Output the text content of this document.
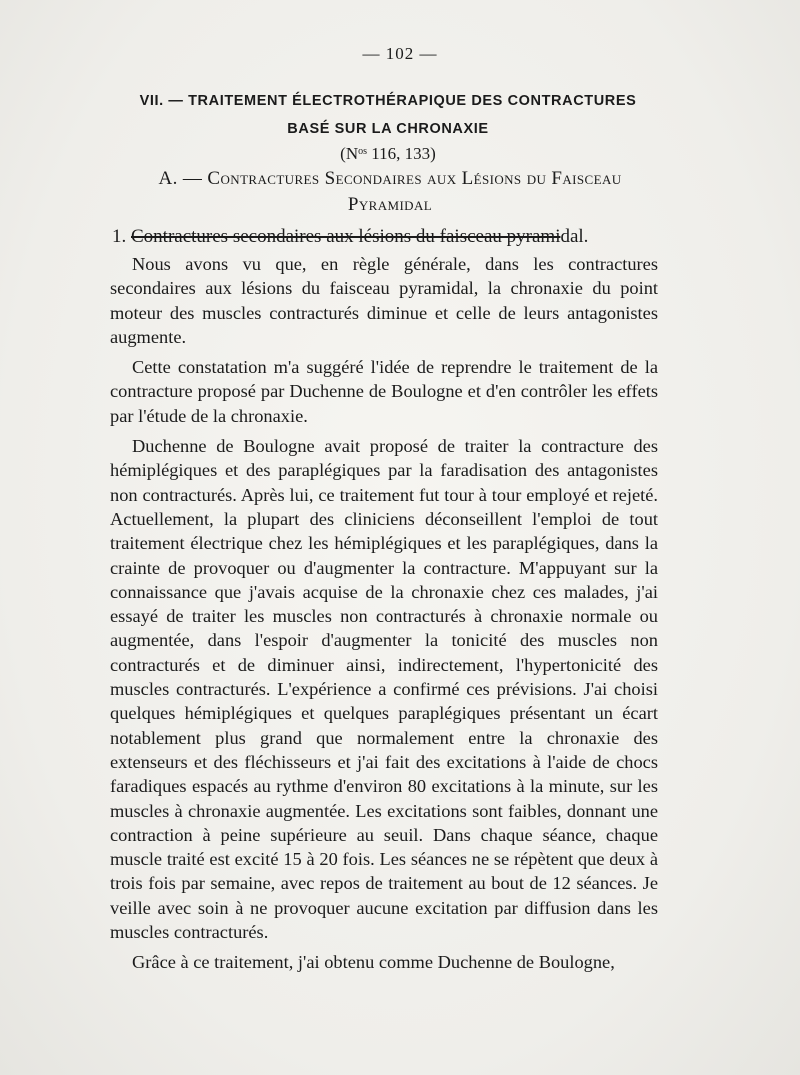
— 102 —
VII. — TRAITEMENT ÉLECTROTHÉRAPIQUE DES CONTRACTURES
BASÉ SUR LA CHRONAXIE
($N^{os}$ 116, 133)
A. — Contractures Secondaires aux Lésions du Faisceau
Pyramidal
1. Contractures secondaires aux lésions du faisceau pyramidal.

Nous avons vu que, en règle générale, dans les contractures secondaires aux lésions du faisceau pyramidal, la chronaxie du point moteur des muscles contracturés diminue et celle de leurs antagonistes augmente.

Cette constatation m'a suggéré l'idée de reprendre le traitement de la contracture proposé par Duchenne de Boulogne et d'en contrôler les effets par l'étude de la chronaxie.

Duchenne de Boulogne avait proposé de traiter la contracture des hémiplégiques et des paraplégiques par la faradisation des antagonistes non contracturés. Après lui, ce traitement fut tour à tour employé et rejeté. Actuellement, la plupart des cliniciens déconseillent l'emploi de tout traitement électrique chez les hémiplégiques et les paraplégiques, dans la crainte de provoquer ou d'augmenter la contracture. M'appuyant sur la connaissance que j'avais acquise de la chronaxie chez ces malades, j'ai essayé de traiter les muscles non contracturés à chronaxie normale ou augmentée, dans l'espoir d'augmenter la tonicité des muscles non contracturés et de diminuer ainsi, indirectement, l'hypertonicité des muscles contracturés. L'expérience a confirmé ces prévisions. J'ai choisi quelques hémiplégiques et quelques paraplégiques présentant un écart notablement plus grand que normalement entre la chronaxie des extenseurs et des fléchisseurs et j'ai fait des excitations à l'aide de chocs faradiques espacés au rythme d'environ 80 excitations à la minute, sur les muscles à chronaxie augmentée. Les excitations sont faibles, donnant une contraction à peine supérieure au seuil. Dans chaque séance, chaque muscle traité est excité 15 à 20 fois. Les séances ne se répètent que deux à trois fois par semaine, avec repos de traitement au bout de 12 séances. Je veille avec soin à ne provoquer aucune excitation par diffusion dans les muscles contracturés.

Grâce à ce traitement, j'ai obtenu comme Duchenne de Boulogne,
